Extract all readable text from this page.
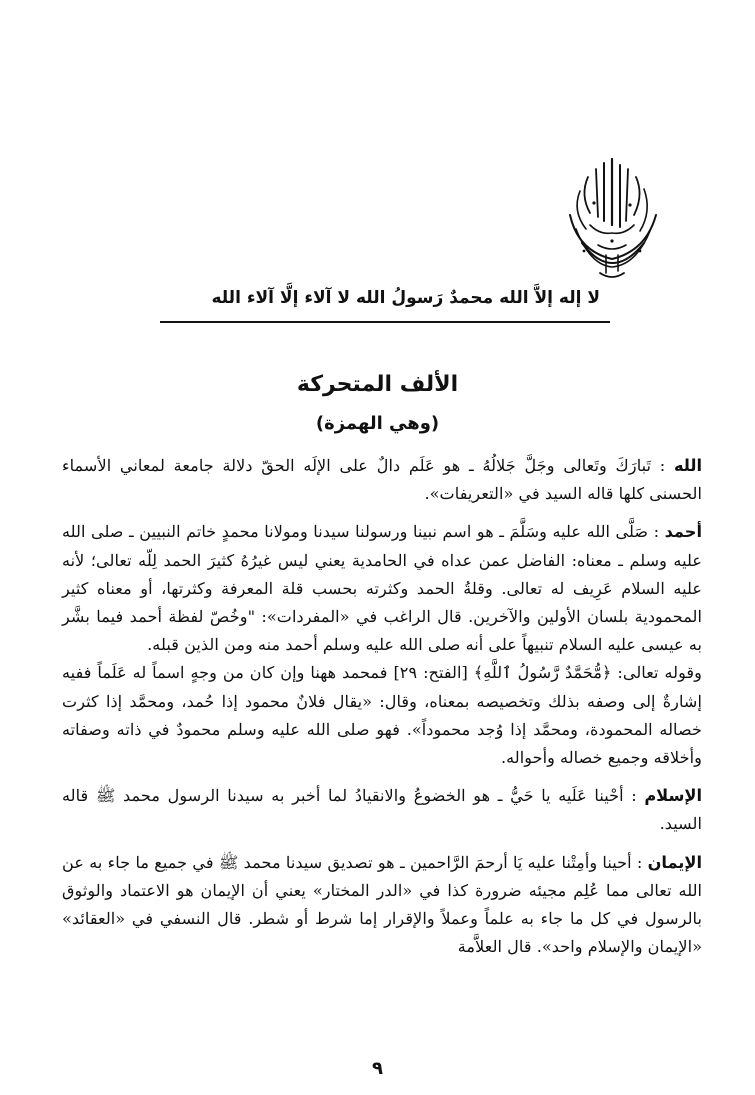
لا إله إلاَّ الله محمدٌ رَسولُ الله لا آلاء إلَّا آلاء الله
الألف المتحركة
(وهي الهمزة)

الله : تَبارَكَ وتَعالى وجَلَّ جَلالُهُ ـ هو عَلَم دالٌ على الإلَه الحقّ دلالة جامعة لمعاني الأسماء الحسنى كلها قاله السيد في «التعريفات».

أحمد : صَلَّى الله عليه وسَلَّمَ ـ هو اسم نبينا ورسولنا سيدنا ومولانا محمدٍ خاتم النبيين ـ صلى الله عليه وسلم ـ معناه: الفاضل عمن عداه في الحامدية يعني ليس غيرُهُ كثيرَ الحمد لِلّه تعالى؛ لأنه عليه السلام عَرِيف له تعالى. وقلةُ الحمد وكثرته بحسب قلة المعرفة وكثرتها، أو معناه كثير المحمودية بلسان الأولين والآخرين. قال الراغب في «المفردات»: "وخُصّ لفظة أحمد فيما بشَّر به عيسى عليه السلام تنبيهاً على أنه صلى الله عليه وسلم أحمد منه ومن الذين قبله.

وقوله تعالى: ﴿مُّحَمَّدٌ رَّسُولُ ٱللَّهِ﴾ [الفتح: ٢٩] فمحمد ههنا وإن كان من وجهٍ اسماً له عَلَماً ففيه إشارةٌ إلى وصفه بذلك وتخصيصه بمعناه، وقال: «يقال فلانٌ محمود إذا حُمد، ومحمَّد إذا كثرت خصاله المحمودة، ومحمَّد إذا وُجد محموداً». فهو صلى الله عليه وسلم محمودٌ في ذاته وصفاته وأخلاقه وجميع خصاله وأحواله.

الإسلام : أحْينا عَلَيه يا حَيُّ ـ هو الخضوعُ والانقيادُ لما أخبر به سيدنا الرسول محمد ﷺ قاله السيد.

الإيمان : أحينا وأمِتْنا عليه يَا أرحمَ الرَّاحمين ـ هو تصديق سيدنا محمد ﷺ في جميع ما جاء به عن الله تعالى مما عُلِم مجيئه ضرورة كذا في «الدر المختار» يعني أن الإيمان هو الاعتماد والوثوق بالرسول في كل ما جاء به علماً وعملاً والإقرار إما شرط أو شطر. قال النسفي في «العقائد» «الإيمان والإسلام واحد». قال العلاَّمة

٩
